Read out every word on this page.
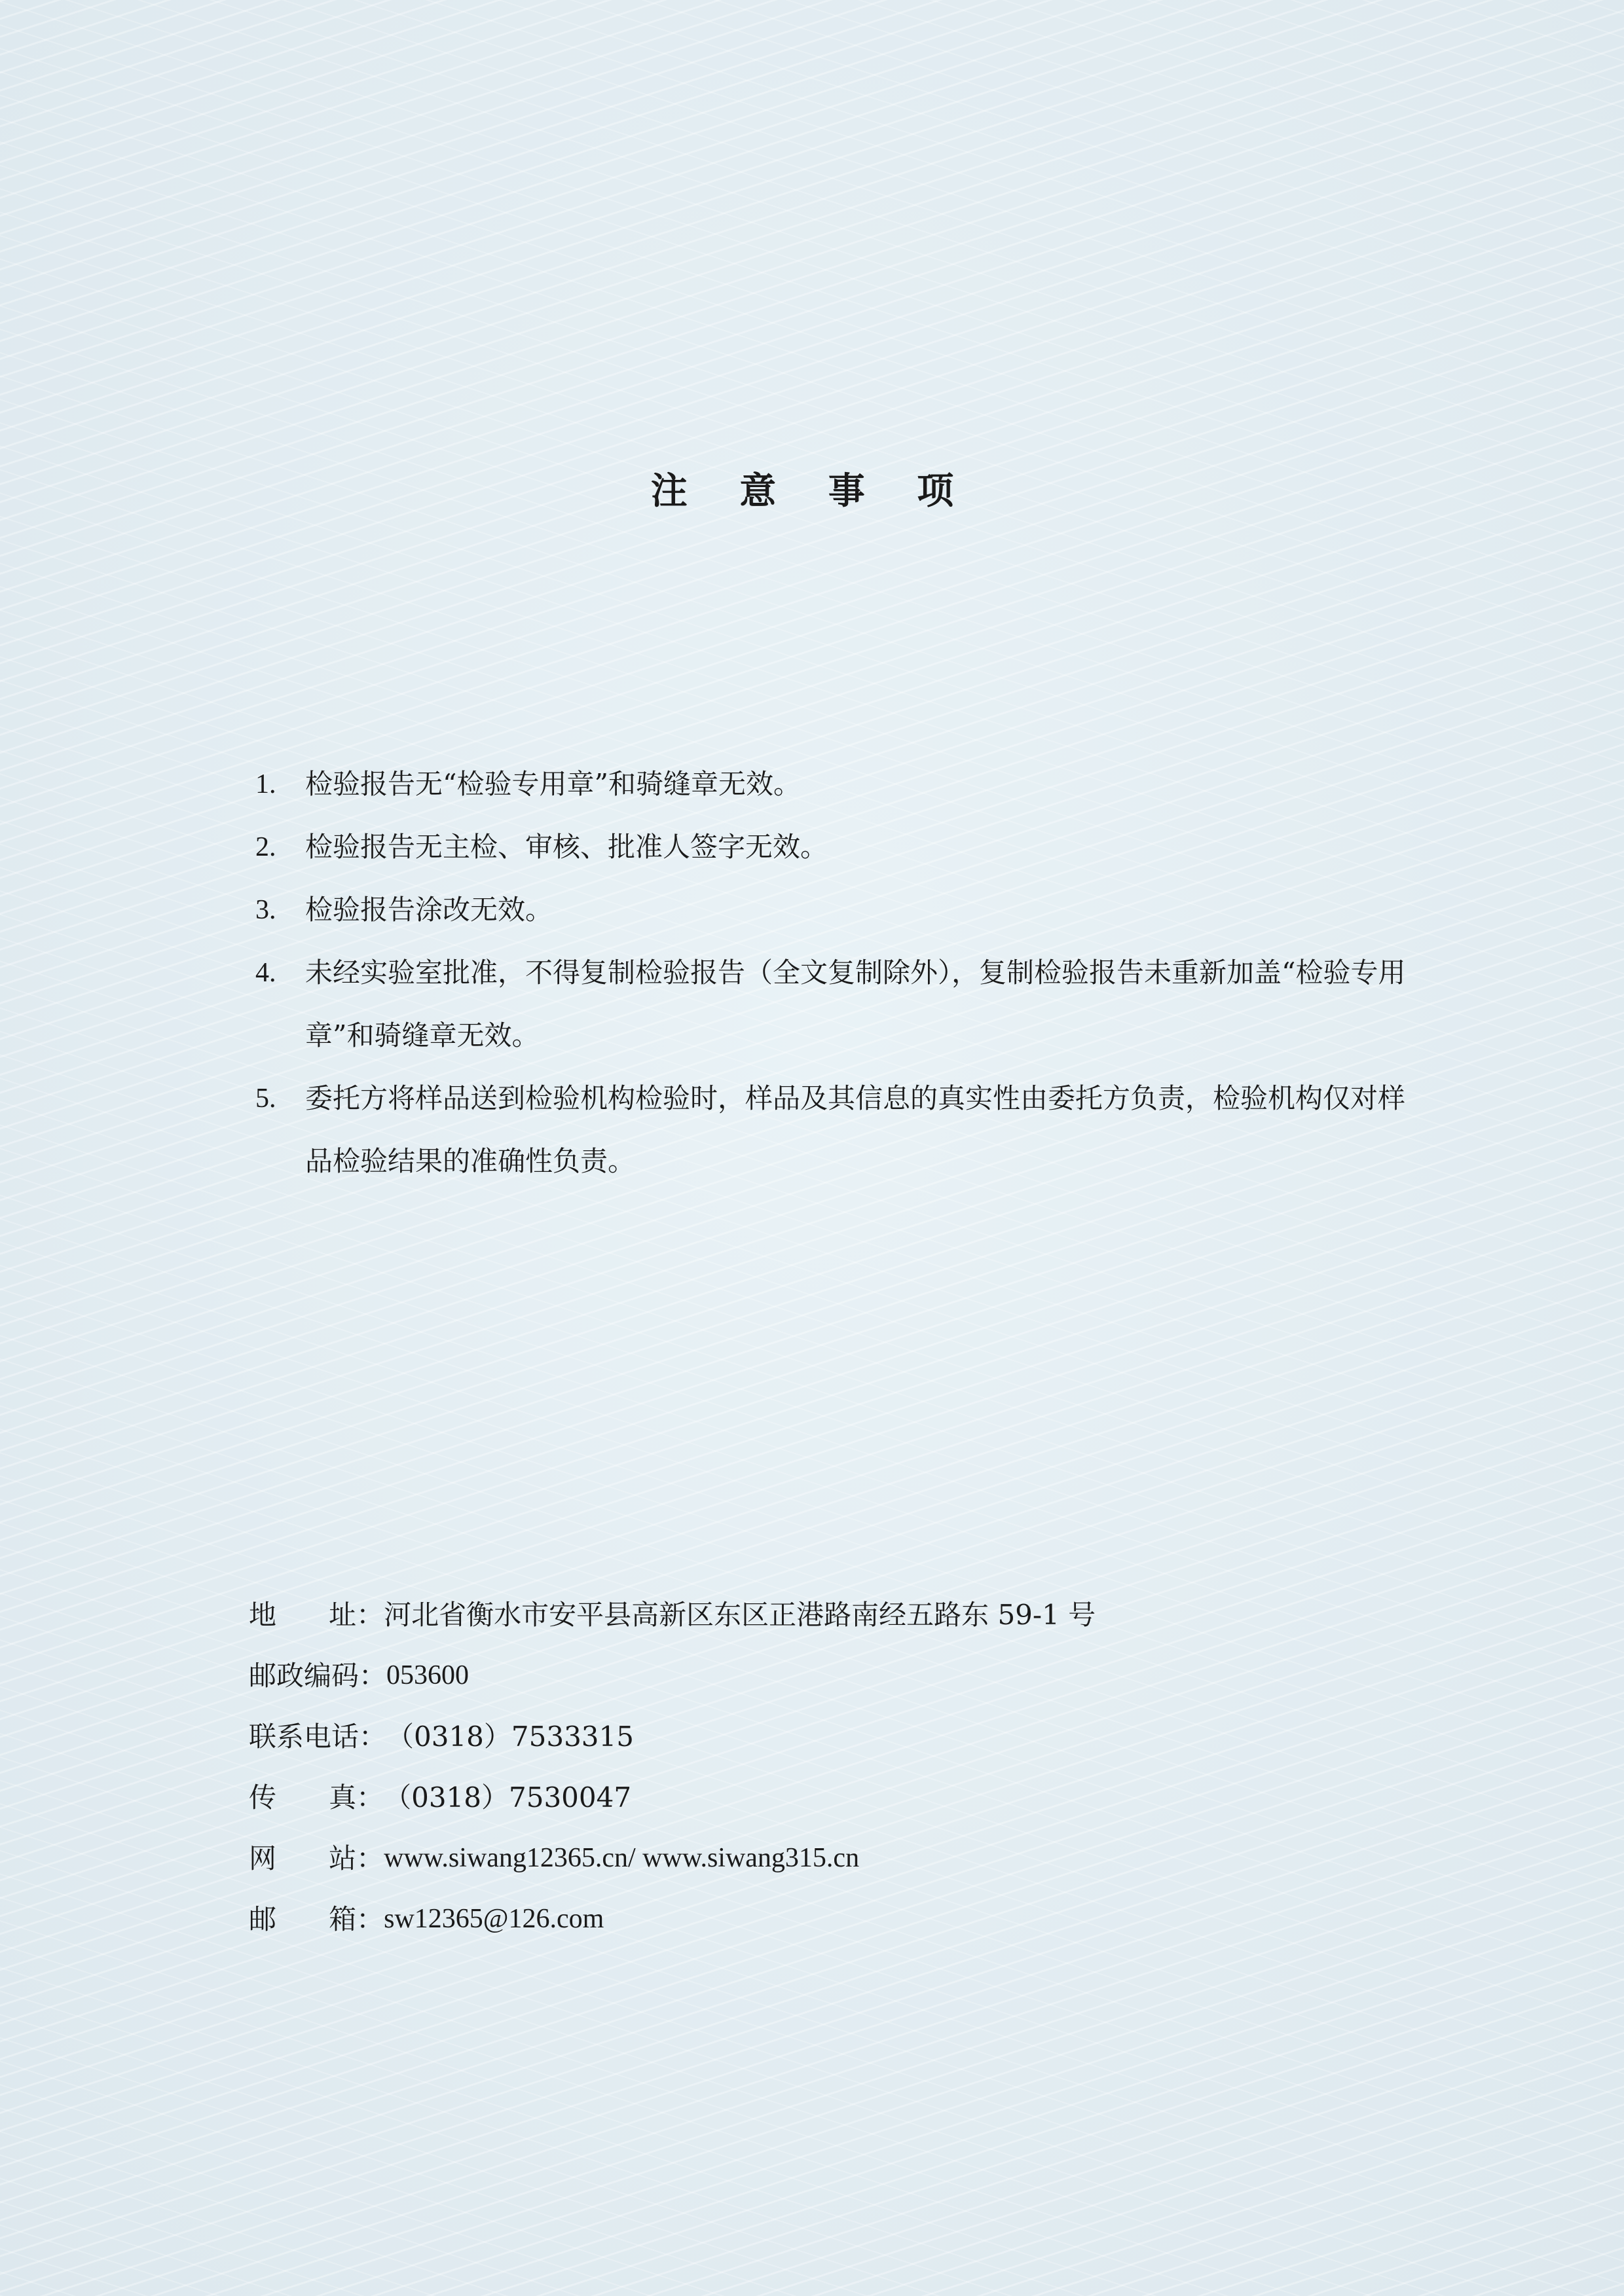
注 意 事 项
1. 检验报告无“检验专用章”和骑缝章无效。
2. 检验报告无主检、审核、批准人签字无效。
3. 检验报告涂改无效。
4. 未经实验室批准，不得复制检验报告（全文复制除外），复制检验报告未重新加盖“检验专用章”和骑缝章无效。
5. 委托方将样品送到检验机构检验时，样品及其信息的真实性由委托方负责，检验机构仅对样品检验结果的准确性负责。
地      址： 河北省衡水市安平县高新区东区正港路南经五路东 59-1 号
邮政编码： 053600
联系电话： （0318）7533315
传      真： （0318）7530047
网      站： www.siwang12365.cn/ www.siwang315.cn
邮      箱： sw12365@126.com
